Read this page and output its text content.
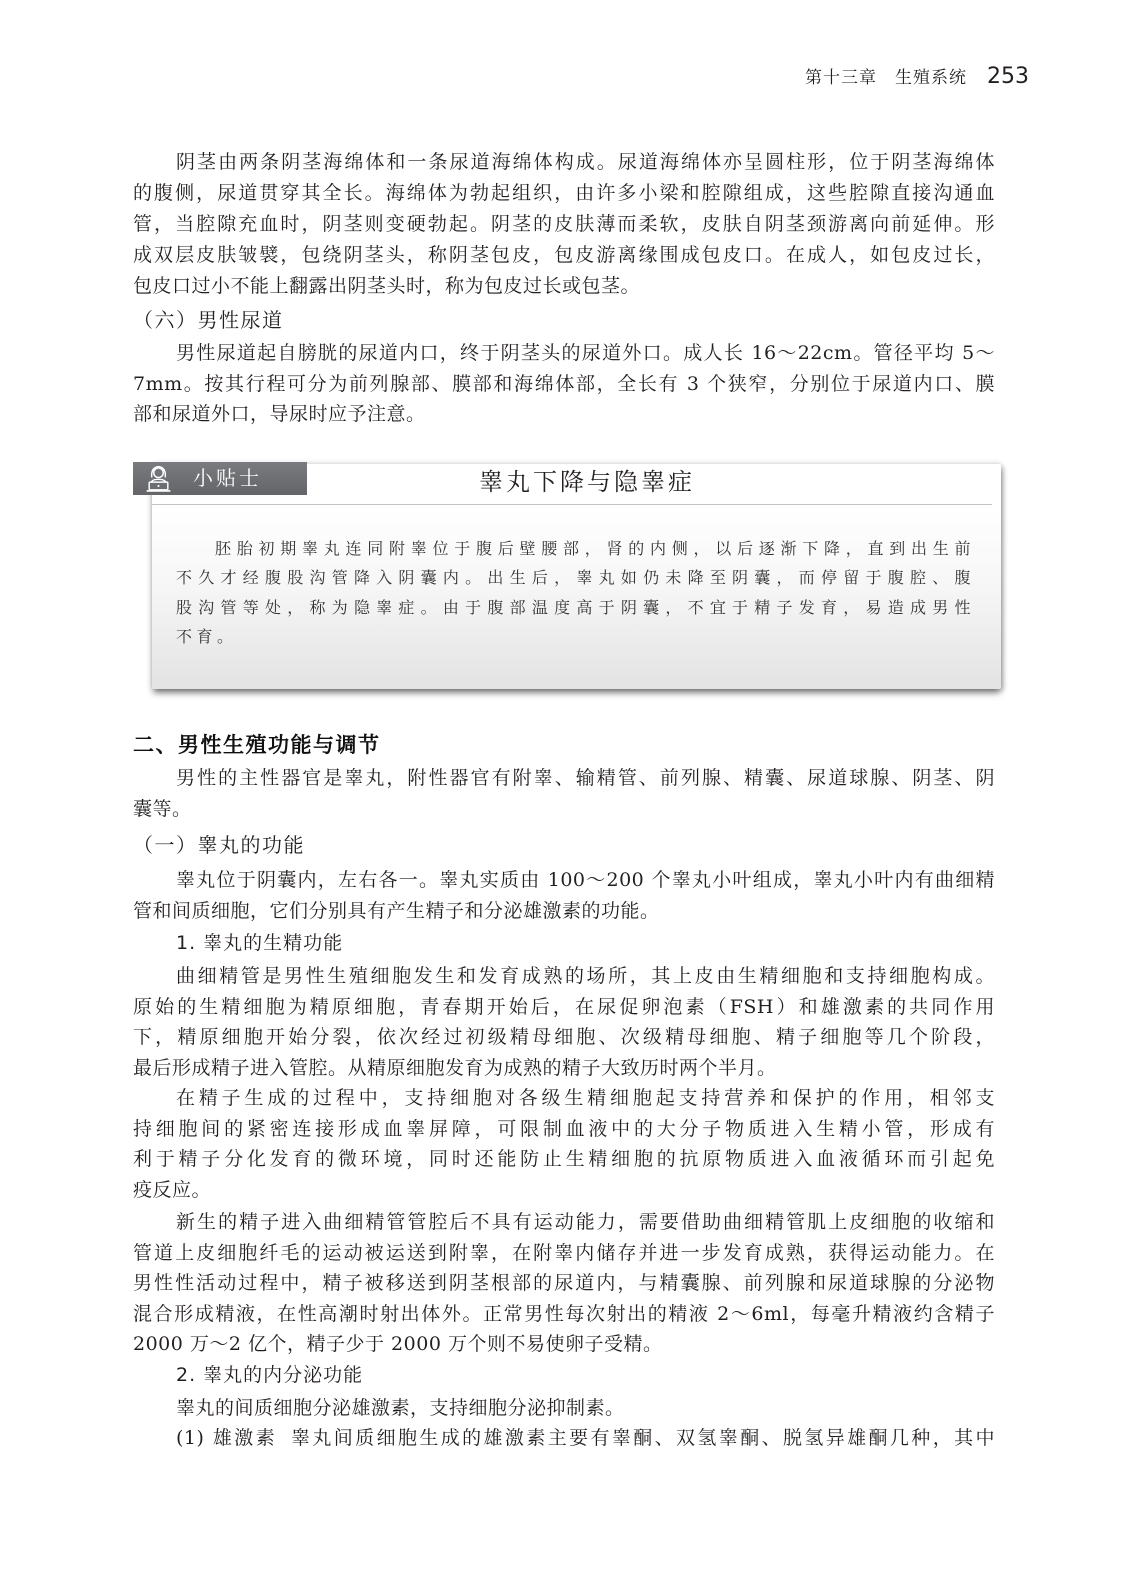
第十三章 生殖系统 253
阴茎由两条阴茎海绵体和一条尿道海绵体构成。尿道海绵体亦呈圆柱形，位于阴茎海绵体
的腹侧，尿道贯穿其全长。海绵体为勃起组织，由许多小梁和腔隙组成，这些腔隙直接沟通血
管，当腔隙充血时，阴茎则变硬勃起。阴茎的皮肤薄而柔软，皮肤自阴茎颈游离向前延伸。形
成双层皮肤皱襞，包绕阴茎头，称阴茎包皮，包皮游离缘围成包皮口。在成人，如包皮过长，
包皮口过小不能上翻露出阴茎头时，称为包皮过长或包茎。
（六）男性尿道
男性尿道起自膀胱的尿道内口，终于阴茎头的尿道外口。成人长 16～22cm。管径平均 5～
7mm。按其行程可分为前列腺部、膜部和海绵体部，全长有 3 个狭窄，分别位于尿道内口、膜
部和尿道外口，导尿时应予注意。
小贴士	睾丸下降与隐睾症
胚胎初期睾丸连同附睾位于腹后壁腰部，肾的内侧，以后逐渐下降，直到出生前
不久才经腹股沟管降入阴囊内。出生后，睾丸如仍未降至阴囊，而停留于腹腔、腹
股沟管等处，称为隐睾症。由于腹部温度高于阴囊，不宜于精子发育，易造成男性
不育。
二、男性生殖功能与调节
男性的主性器官是睾丸，附性器官有附睾、输精管、前列腺、精囊、尿道球腺、阴茎、阴
囊等。
（一）睾丸的功能
睾丸位于阴囊内，左右各一。睾丸实质由 100～200 个睾丸小叶组成，睾丸小叶内有曲细精
管和间质细胞，它们分别具有产生精子和分泌雄激素的功能。
1. 睾丸的生精功能
曲细精管是男性生殖细胞发生和发育成熟的场所，其上皮由生精细胞和支持细胞构成。
原始的生精细胞为精原细胞，青春期开始后，在尿促卵泡素（FSH）和雄激素的共同作用
下，精原细胞开始分裂，依次经过初级精母细胞、次级精母细胞、精子细胞等几个阶段，
最后形成精子进入管腔。从精原细胞发育为成熟的精子大致历时两个半月。
在精子生成的过程中，支持细胞对各级生精细胞起支持营养和保护的作用，相邻支
持细胞间的紧密连接形成血睾屏障，可限制血液中的大分子物质进入生精小管，形成有
利于精子分化发育的微环境，同时还能防止生精细胞的抗原物质进入血液循环而引起免
疫反应。
新生的精子进入曲细精管管腔后不具有运动能力，需要借助曲细精管肌上皮细胞的收缩和
管道上皮细胞纤毛的运动被运送到附睾，在附睾内储存并进一步发育成熟，获得运动能力。在
男性性活动过程中，精子被移送到阴茎根部的尿道内，与精囊腺、前列腺和尿道球腺的分泌物
混合形成精液，在性高潮时射出体外。正常男性每次射出的精液 2～6ml，每毫升精液约含精子
2000 万～2 亿个，精子少于 2000 万个则不易使卵子受精。
2. 睾丸的内分泌功能
睾丸的间质细胞分泌雄激素，支持细胞分泌抑制素。
(1) 雄激素 睾丸间质细胞生成的雄激素主要有睾酮、双氢睾酮、脱氢异雄酮几种，其中
